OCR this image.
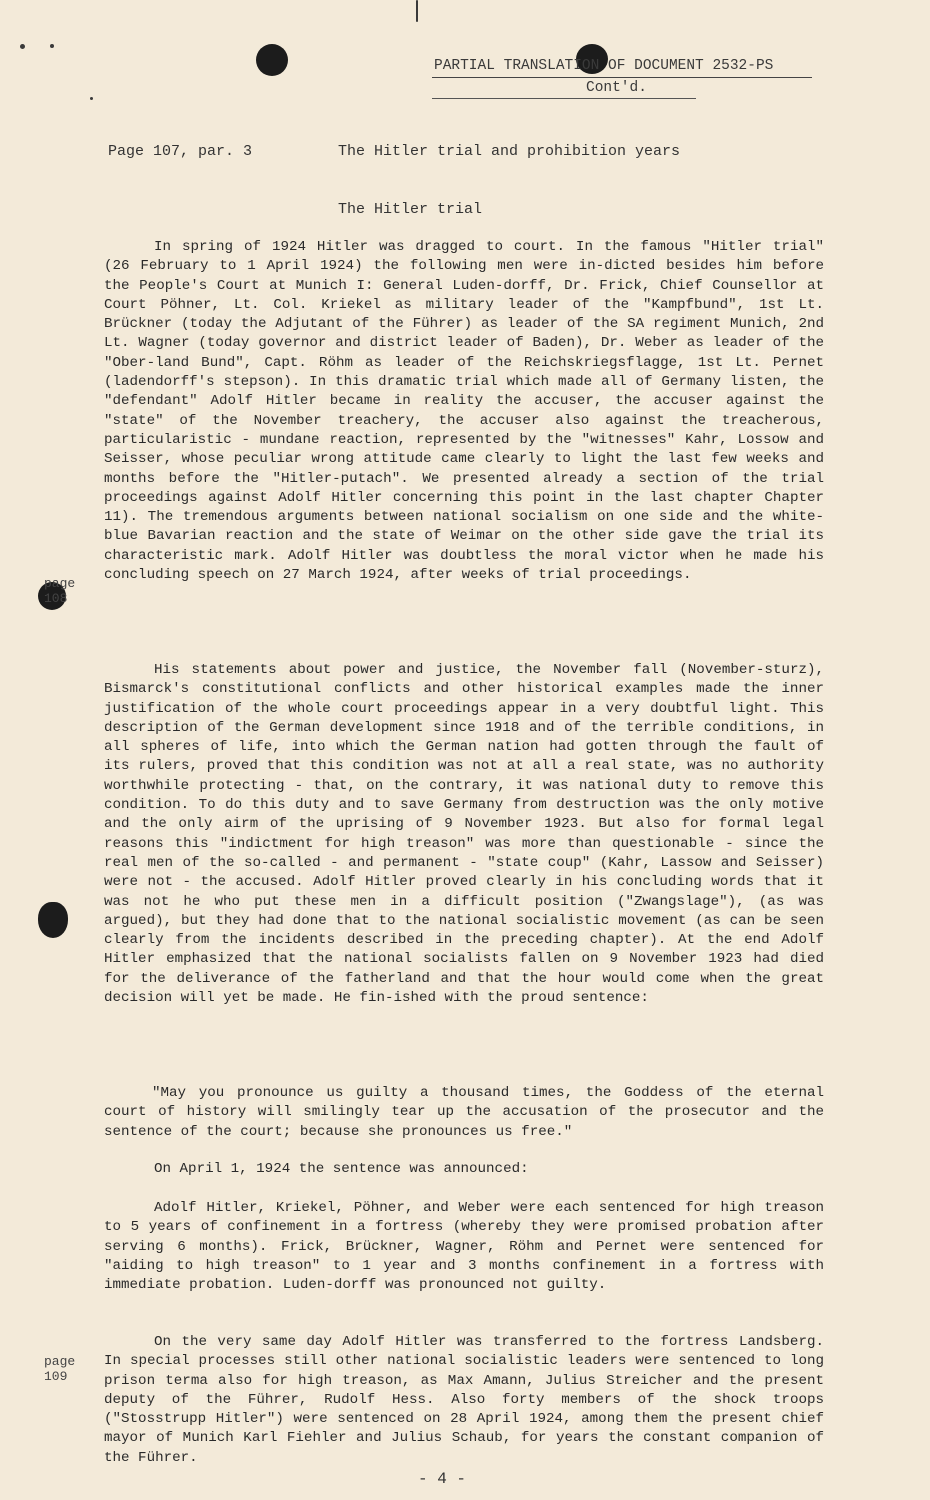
PARTIAL TRANSLATION OF DOCUMENT 2532-PS
Cont'd.
Page 107, par. 3	The Hitler trial and prohibition years
The Hitler trial

In spring of 1924 Hitler was dragged to court. In the famous "Hitler trial" (26 February to 1 April 1924) the following men were in-dicted besides him before the People's Court at Munich I: General Luden-dorff, Dr. Frick, Chief Counsellor at Court Pöhner, Lt. Col. Kriekel as military leader of the "Kampfbund", 1st Lt. Brückner (today the Adjutant of the Führer) as leader of the SA regiment Munich, 2nd Lt. Wagner (today governor and district leader of Baden), Dr. Weber as leader of the "Ober-land Bund", Capt. Röhm as leader of the Reichskriegsflagge, 1st Lt. Pernet (ladendorff's stepson). In this dramatic trial which made all of Germany listen, the "defendant" Adolf Hitler became in reality the accuser, the accuser against the "state" of the November treachery, the accuser also against the treacherous, particularistic - mundane reaction, represented by the "witnesses" Kahr, Lossow and Seisser, whose peculiar wrong attitude came clearly to light the last few weeks and months before the "Hitler-putach". We presented already a section of the trial proceedings against Adolf Hitler concerning this point in the last chapter Chapter 11). The tremendous arguments between national socialism on one side and the white-blue Bavarian reaction and the state of Weimar on the other side gave the trial its characteristic mark. Adolf Hitler was doubtless the moral victor when he made his concluding speech on 27 March 1924, after weeks of trial proceedings.

His statements about power and justice, the November fall (November-sturz), Bismarck's constitutional conflicts and other historical examples made the inner justification of the whole court proceedings appear in a very doubtful light. This description of the German development since 1918 and of the terrible conditions, in all spheres of life, into which the German nation had gotten through the fault of its rulers, proved that this condition was not at all a real state, was no authority worthwhile protecting - that, on the contrary, it was national duty to remove this condition. To do this duty and to save Germany from destruction was the only motive and the only airm of the uprising of 9 November 1923. But also for formal legal reasons this "indictment for high treason" was more than questionable - since the real men of the so-called - and permanent - "state coup" (Kahr, Lassow and Seisser) were not - the accused. Adolf Hitler proved clearly in his concluding words that it was not he who put these men in a difficult position ("Zwangslage"), (as was argued), but they had done that to the national socialistic movement (as can be seen clearly from the incidents described in the preceding chapter). At the end Adolf Hitler emphasized that the national socialists fallen on 9 November 1923 had died for the deliverance of the fatherland and that the hour would come when the great decision will yet be made. He fin-ished with the proud sentence:

"May you pronounce us guilty a thousand times, the Goddess of the eternal court of history will smilingly tear up the accusation of the prosecutor and the sentence of the court; because she pronounces us free."

On April 1, 1924 the sentence was announced:

Adolf Hitler, Kriekel, Pöhner, and Weber were each sentenced for high treason to 5 years of confinement in a fortress (whereby they were promised probation after serving 6 months). Frick, Brückner, Wagner, Röhm and Pernet were sentenced for "aiding to high treason" to 1 year and 3 months confinement in a fortress with immediate probation. Luden-dorff was pronounced not guilty.

On the very same day Adolf Hitler was transferred to the fortress Landsberg. In special processes still other national socialistic leaders were sentenced to long prison terma also for high treason, as Max Amann, Julius Streicher and the present deputy of the Führer, Rudolf Hess. Also forty members of the shock troops ("Stosstrupp Hitler") were sentenced on 28 April 1924, among them the present chief mayor of Munich Karl Fiehler and Julius Schaub, for years the constant companion of the Führer.

page 108
page 109
- 4 -
